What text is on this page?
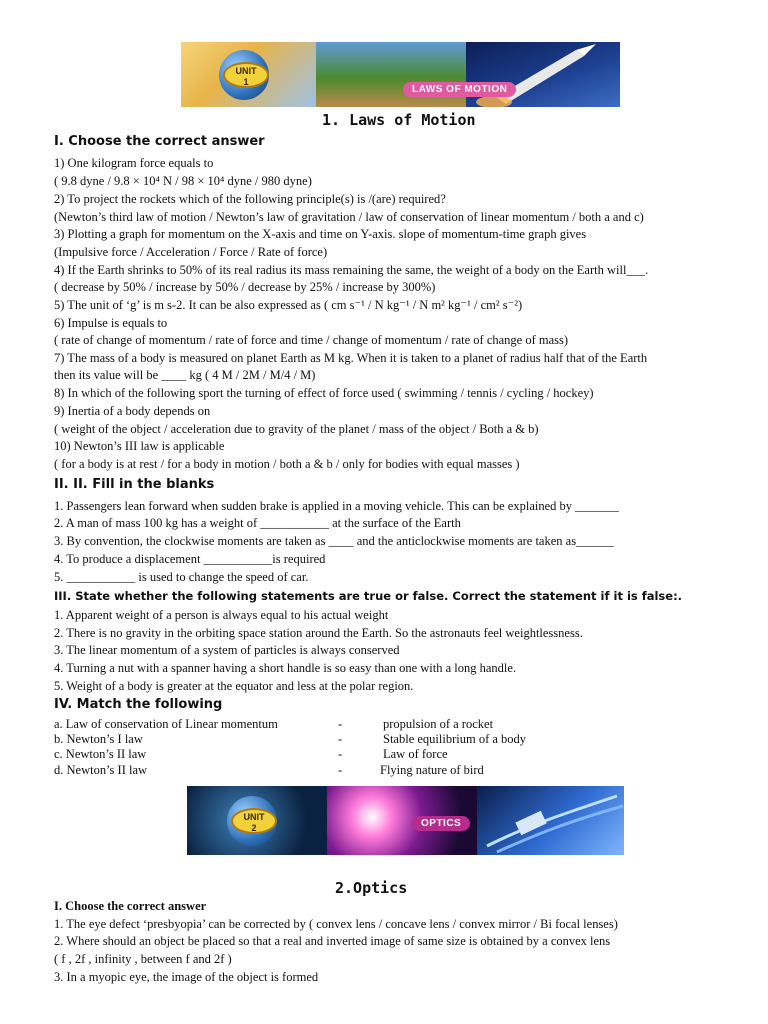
UNIT
1
LAWS OF MOTION
1. Laws of Motion
I. Choose the correct answer
1) One kilogram force equals to
( 9.8 dyne / 9.8 × 10⁴ N / 98 × 10⁴ dyne / 980 dyne)
2) To project the rockets which of the following principle(s) is /(are) required?
(Newton’s third law of motion / Newton’s law of gravitation / law of conservation of linear momentum / both a and c)
3) Plotting a graph for momentum on the X-axis and time on Y-axis. slope of momentum-time graph gives
(Impulsive force / Acceleration / Force / Rate of force)
4) If the Earth shrinks to 50% of its real radius its mass remaining the same, the weight of a body on the Earth will___.
( decrease by 50% / increase by 50% / decrease by 25% / increase by 300%)
5) The unit of ‘g’ is m s-2. It can be also expressed as ( cm s⁻¹ / N kg⁻¹ / N m² kg⁻¹ / cm² s⁻²)
6) Impulse is equals to
( rate of change of momentum / rate of force and time / change of momentum / rate of change of mass)
7) The mass of a body is measured on planet Earth as M kg. When it is taken to a planet of radius half that of the Earth
then its value will be ____ kg ( 4 M / 2M / M/4 / M)
8) In which of the following sport the turning of effect of force used ( swimming / tennis / cycling / hockey)
9) Inertia of a body depends on
( weight of the object / acceleration due to gravity of the planet / mass of the object / Both a & b)
10) Newton’s III law is applicable
( for a body is at rest / for a body in motion / both a & b / only for bodies with equal masses )
II. II. Fill in the blanks
1. Passengers lean forward when sudden brake is applied in a moving vehicle. This can be explained by _______
2. A man of mass 100 kg has a weight of ___________ at the surface of the Earth
3. By convention, the clockwise moments are taken as ____ and the anticlockwise moments are taken as______
4. To produce a displacement ___________is required
5. ___________ is used to change the speed of car.
III. State whether the following statements are true or false. Correct the statement if it is false:.
1. Apparent weight of a person is always equal to his actual weight
2. There is no gravity in the orbiting space station around the Earth. So the astronauts feel weightlessness.
3. The linear momentum of a system of particles is always conserved
4. Turning a nut with a spanner having a short handle is so easy than one with a long handle.
5. Weight of a body is greater at the equator and less at the polar region.
IV. Match the following
a. Law of conservation of Linear momentum	-	propulsion of a rocket
b. Newton’s I law	-	Stable equilibrium of a body
c. Newton’s II law	-	Law of force
d. Newton’s II law	-	Flying nature of bird
UNIT
2	OPTICS
2.Optics
I. Choose the correct answer
1. The eye defect ‘presbyopia’ can be corrected by ( convex lens / concave lens / convex mirror / Bi focal lenses)
2. Where should an object be placed so that a real and inverted image of same size is obtained by a convex lens
( f , 2f , infinity , between f and 2f )
3. In a myopic eye, the image of the object is formed
